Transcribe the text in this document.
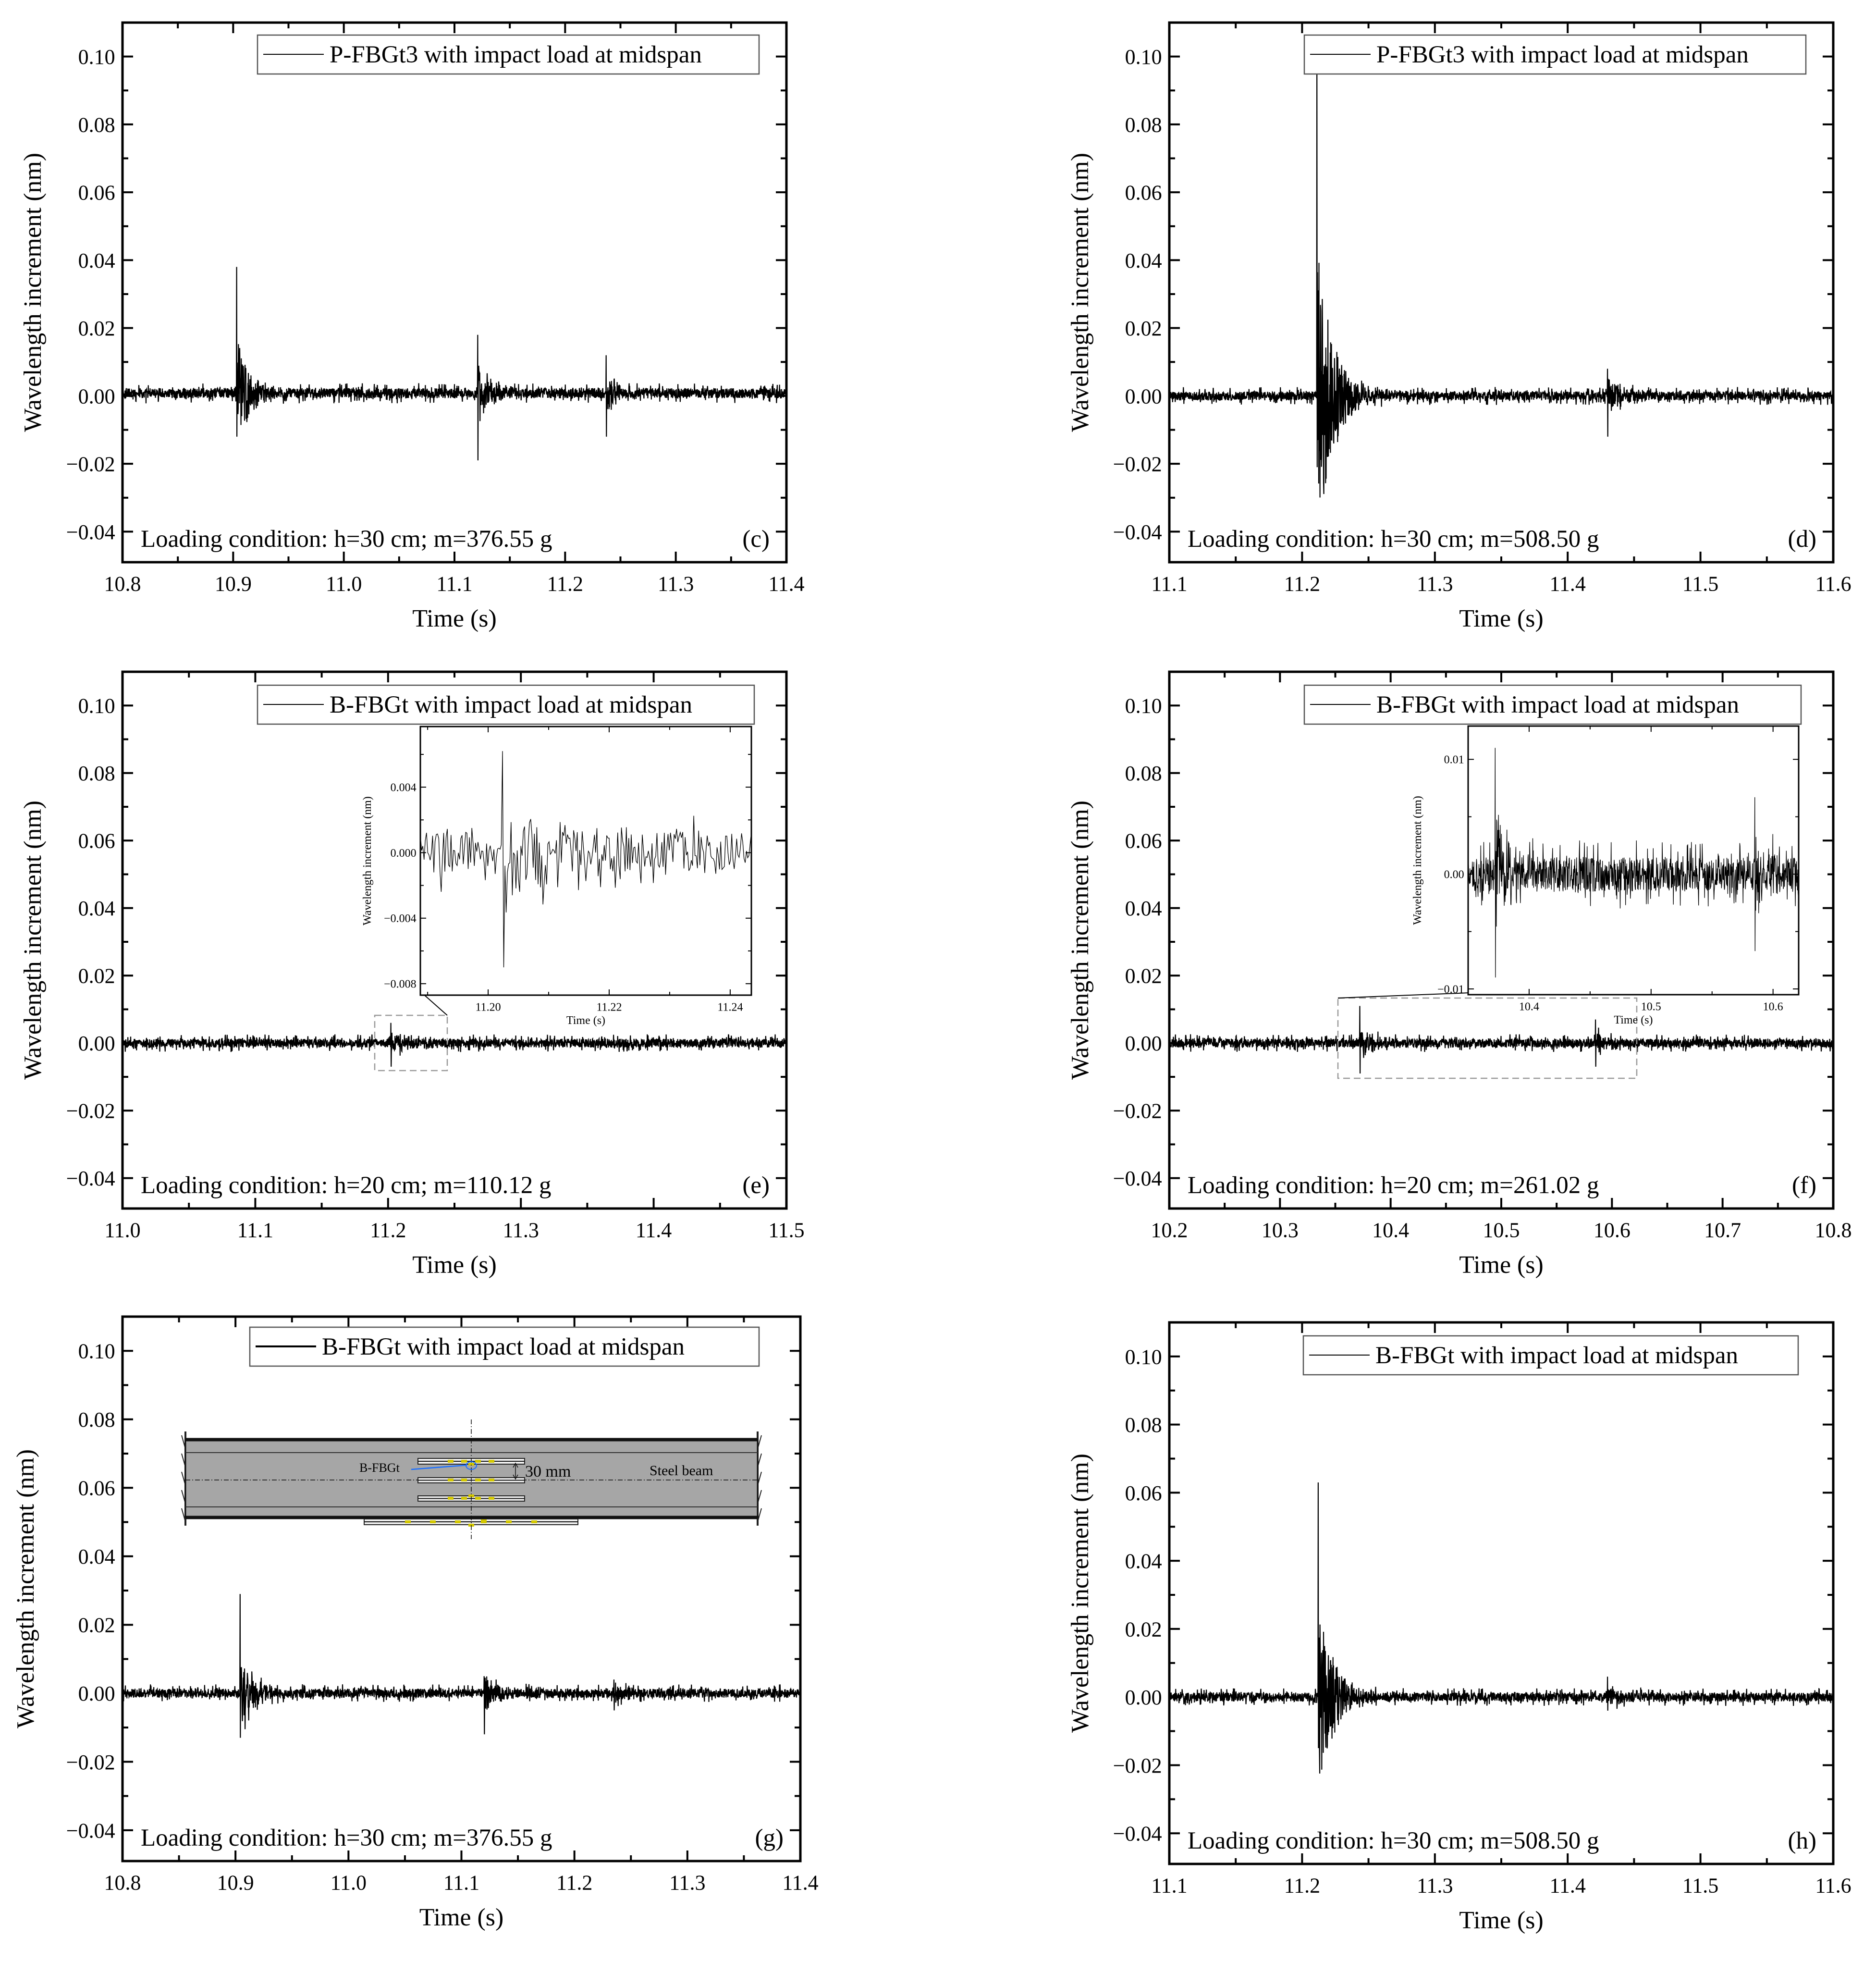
10.8	10.9	11.0	11.1	11.2	11.3	11.4
−0.04
−0.02
0.00
0.02
0.04
0.06
0.08
0.10
Time (s)
Wavelength increment (nm)
P-FBGt3 with impact load at midspan
Loading condition: h=30 cm; m=376.55 g	(c)
11.1	11.2	11.3	11.4	11.5	11.6
−0.04
−0.02
0.00
0.02
0.04
0.06
0.08
0.10
Time (s)
Wavelength increment (nm)
P-FBGt3 with impact load at midspan
Loading condition: h=30 cm; m=508.50 g	(d)
11.0	11.1	11.2	11.3	11.4	11.5
−0.04
−0.02
0.00
0.02
0.04
0.06
0.08
0.10
Time (s)
Wavelength increment (nm)
B-FBGt with impact load at midspan
Loading condition: h=20 cm; m=110.12 g	(e)
11.20	11.22	11.24
−0.008
−0.004
0.000
0.004
Time (s)
Wavelength increment (nm)
10.2	10.3	10.4	10.5	10.6	10.7	10.8
−0.04
−0.02
0.00
0.02
0.04
0.06
0.08
0.10
Time (s)
Wavelength increment (nm)
B-FBGt with impact load at midspan
Loading condition: h=20 cm; m=261.02 g	(f)
10.4	10.5	10.6
−0.01
0.00
0.01
Time (s)
Wavelength increment (nm)
10.8	10.9	11.0	11.1	11.2	11.3	11.4
−0.04
−0.02
0.00
0.02
0.04
0.06
0.08
0.10
Time (s)
Wavelength increment (nm)
B-FBGt with impact load at midspan
Loading condition: h=30 cm; m=376.55 g	(g)
B-FBGt	30 mm	Steel beam
11.1	11.2	11.3	11.4	11.5	11.6
−0.04
−0.02
0.00
0.02
0.04
0.06
0.08
0.10
Time (s)
Wavelength increment (nm)
B-FBGt with impact load at midspan
Loading condition: h=30 cm; m=508.50 g	(h)
